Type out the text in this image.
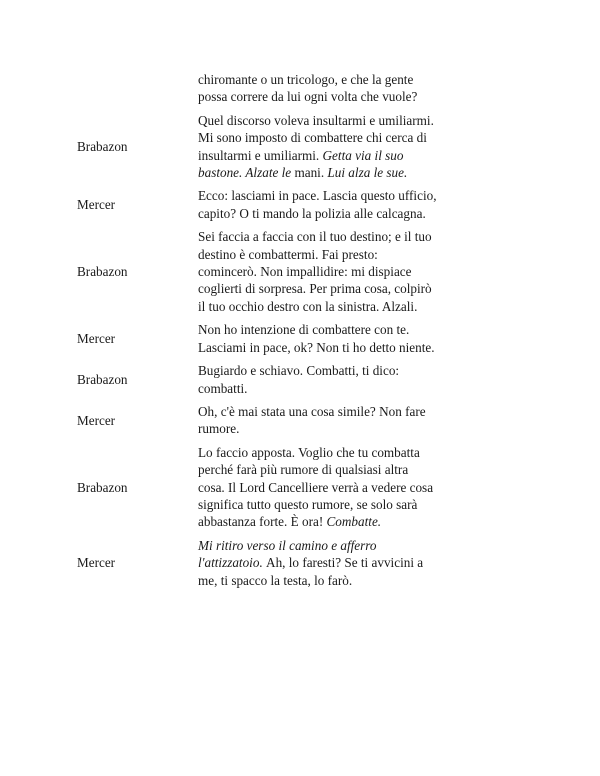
chiromante o un tricologo, e che la gente possa correre da lui ogni volta che vuole?
Brabazon
Quel discorso voleva insultarmi e umiliarmi. Mi sono imposto di combattere chi cerca di insultarmi e umiliarmi. Getta via il suo bastone. Alzate le mani. Lui alza le sue.
Mercer
Ecco: lasciami in pace. Lascia questo ufficio, capito? O ti mando la polizia alle calcagna.
Brabazon
Sei faccia a faccia con il tuo destino; e il tuo destino è combattermi. Fai presto: comincerò. Non impallidire: mi dispiace coglierti di sorpresa. Per prima cosa, colpirò il tuo occhio destro con la sinistra. Alzali.
Mercer
Non ho intenzione di combattere con te. Lasciami in pace, ok? Non ti ho detto niente.
Brabazon
Bugiardo e schiavo. Combatti, ti dico: combatti.
Mercer
Oh, c'è mai stata una cosa simile? Non fare rumore.
Brabazon
Lo faccio apposta. Voglio che tu combatta perché farà più rumore di qualsiasi altra cosa. Il Lord Cancelliere verrà a vedere cosa significa tutto questo rumore, se solo sarà abbastanza forte. È ora! Combatte.
Mercer
Mi ritiro verso il camino e afferro l'attizzatoio. Ah, lo faresti? Se ti avvicini a me, ti spacco la testa, lo farò.
